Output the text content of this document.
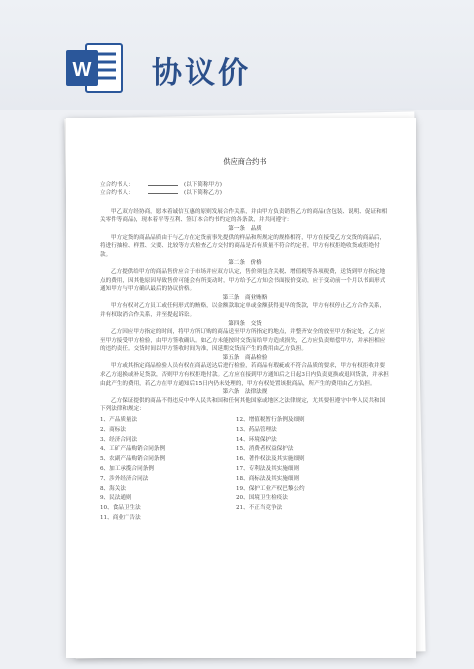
W 协议价
供应商合约书
立合约书人：	(以下简称甲方)
立合约书人：	(以下简称乙方)

甲乙双方经协商，愿本着诚信互惠的原则发展合作关系，并由甲方负责销售乙方的商品(含包装、说明、促证和相关零件等商品)，现本着平等互利、签订本合约书约定的各条款，并共同遵守：

第一条　品质

甲方定货的商品品质由于与乙方在定货前事先提供的样品和所规定的规格相符，甲方在接受乙方交货的商品后，将进行抽检、样置、父要、比较等方式检查乙方交付的商品是否有质量不符合约定者，甲方有权拒绝收货或拒绝付款。

第二条　价格

乙方提供给甲方的商品售价应合于市场并应双方认定，售价须包含关税、增值税等各项税费，送货到甲方指定地点的费用，因其他原因导致售价可能会有所变动时，甲方给予乙方知会书面报价变动，应于变动前一个月以书面形式通知甲方与甲方确认最后的协议价格。

第三条　商业贿赂

甲方有权对乙方员工或任何形式的贿赂，以金额款取定单或金额获得更早的货款，甲方有权停止乙方合作关系，并有权取消合作关系，并至提起诉讼。

第四条　交货

乙方因应甲方指定的时间，将甲方所订购的商品送至甲方所指定的地点，并整齐安全的放至甲方指定处，乙方应至甲方接受甲方检验，由甲方签收确认。如乙方未能按时交货而给甲方造成损失，乙方应负责赔偿甲方，并承担相应的违约责任。交货时间以甲方签收时间为准，因延期交货而产生的费用由乙方负担。

第五条　商品检验

甲方或其指定商品检验人员有权在商品送达后进行检验，若商品有瑕疵或不符合品质的要求，甲方有权拒收并要求乙方退换或补足货款，否则甲方有权拒绝付款。乙方应在接到甲方通知后之日起3日内负责更换或退回货款，并承担由此产生的费用，若乙方在甲方通知后15日内仍未处理的，甲方有权处置该批商品，所产生的费用由乙方负担。

第六条　法律法规

乙方保证提供的商品不得违反中华人民共和国和任何其他国家或地区之法律规定，尤其要但遵守中华人民共和国下列法律和规定：

1、产品质量法	12、增值税暂行条例及细则
2、商标法	13、药品管理法
3、经济合同法	14、环境保护法
4、工矿产品购销合同条例	15、消费者权益保护法
5、农副产品购销合同条例	16、著作权法及其实施细则
6、加工承揽合同条例	17、专利法及其实施细则
7、涉外经济合同法	18、商标法及其实施细则
8、海关法	19、保护工业产权巴黎公约
9、民法通则	20、国境卫生检疫法
10、食品卫生法	21、不正当竞争法
11、商业广告法
